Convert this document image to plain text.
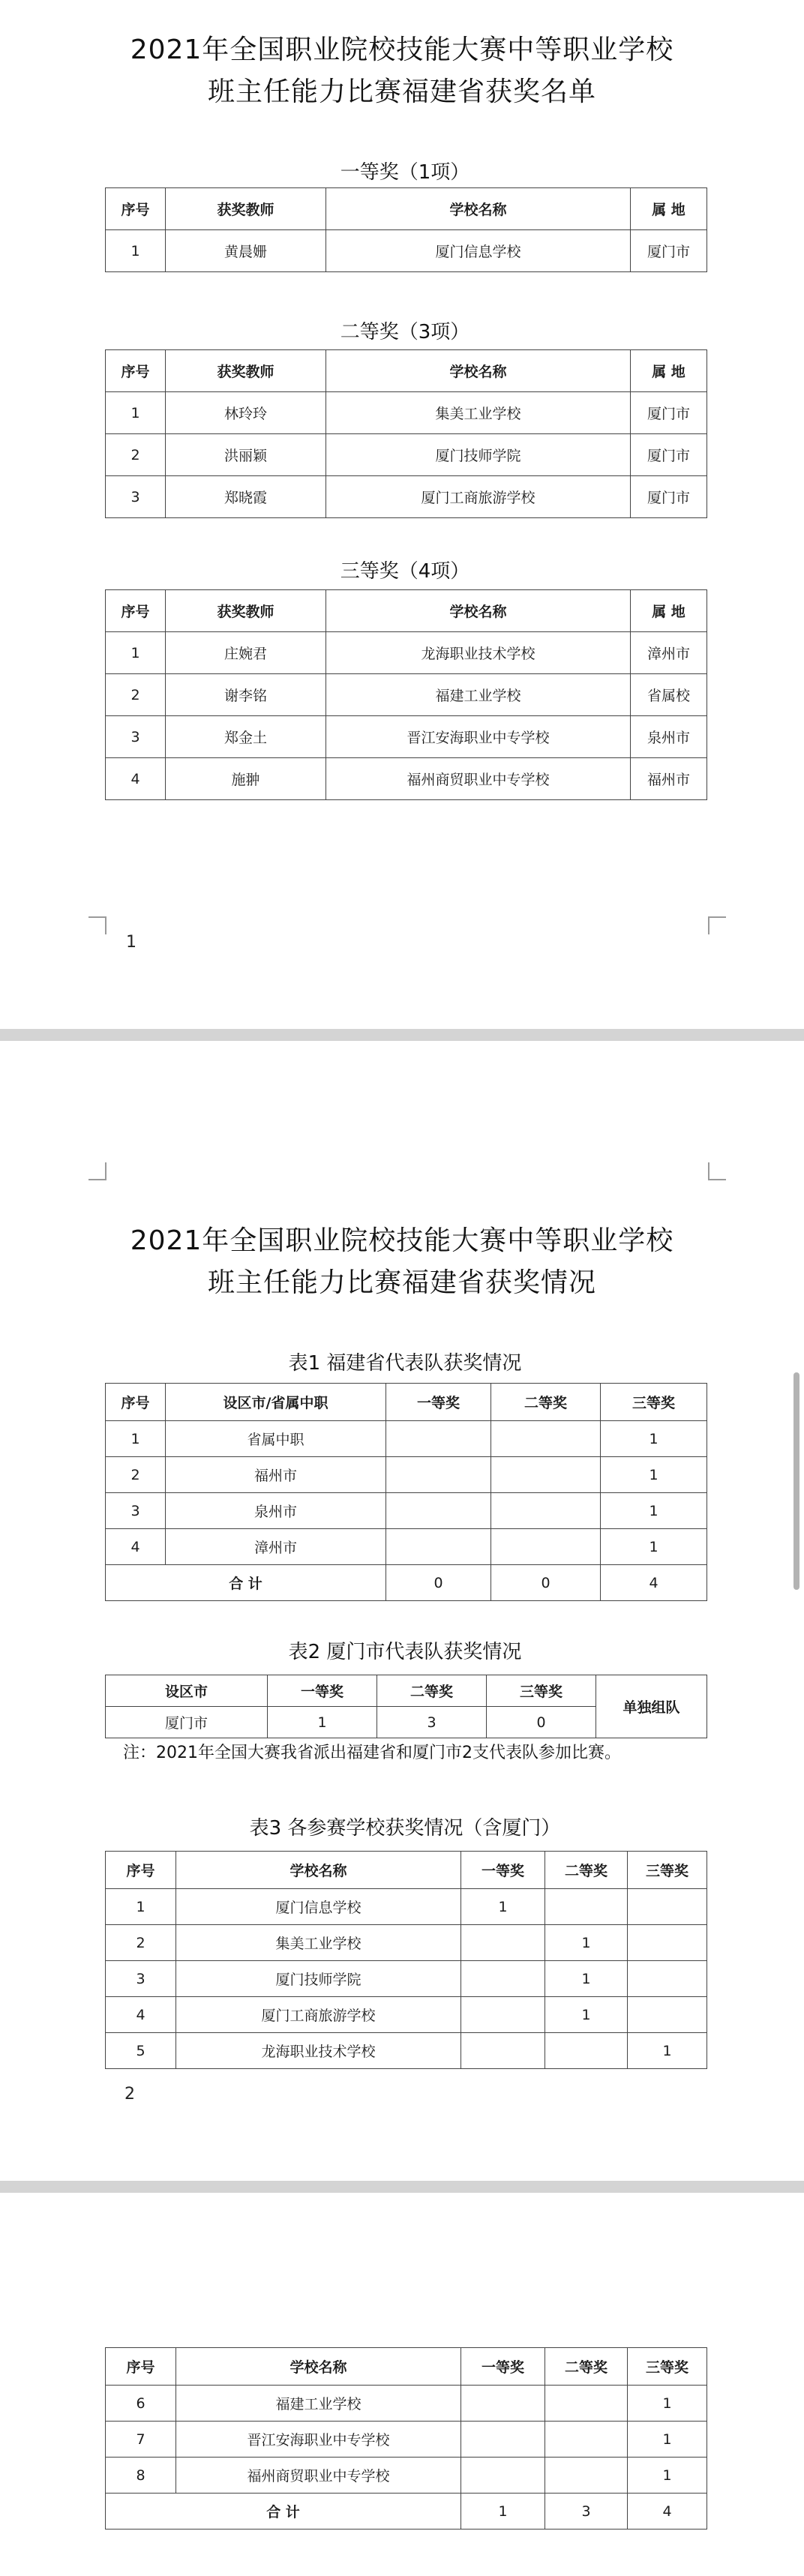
2021年全国职业院校技能大赛中等职业学校
班主任能力比赛福建省获奖名单
一等奖（1项）
序号	获奖教师	学校名称	属 地
1	黄晨姗	厦门信息学校	厦门市
二等奖（3项）
序号	获奖教师	学校名称	属 地
1	林玲玲	集美工业学校	厦门市
2	洪丽颖	厦门技师学院	厦门市
3	郑晓霞	厦门工商旅游学校	厦门市
三等奖（4项）
序号	获奖教师	学校名称	属 地
1	庄婉君	龙海职业技术学校	漳州市
2	谢李铭	福建工业学校	省属校
3	郑金土	晋江安海职业中专学校	泉州市
4	施翀	福州商贸职业中专学校	福州市
1
2021年全国职业院校技能大赛中等职业学校
班主任能力比赛福建省获奖情况
表1 福建省代表队获奖情况
序号	设区市/省属中职	一等奖	二等奖	三等奖
1	省属中职			1
2	福州市			1
3	泉州市			1
4	漳州市			1
合 计		0	0	4
表2 厦门市代表队获奖情况
设区市	一等奖	二等奖	三等奖	单独组队
厦门市	1	3	0	
注：2021年全国大赛我省派出福建省和厦门市2支代表队参加比赛。
表3 各参赛学校获奖情况（含厦门）
序号	学校名称	一等奖	二等奖	三等奖
1	厦门信息学校	1		
2	集美工业学校		1	
3	厦门技师学院		1	
4	厦门工商旅游学校		1	
5	龙海职业技术学校			1
2
序号	学校名称	一等奖	二等奖	三等奖
6	福建工业学校			1
7	晋江安海职业中专学校			1
8	福州商贸职业中专学校			1
合 计		1	3	4
